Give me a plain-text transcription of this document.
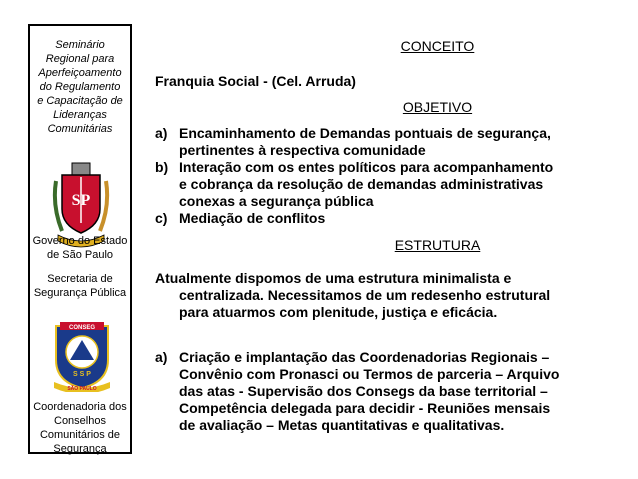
Seminário
Regional para
Aperfeiçoamento
do Regulamento
e Capacitação de
Lideranças
Comunitárias
SP
Governo do Estado
de São Paulo
Secretaria de
Segurança Pública
CONSEG
S S P
SÃO PAULO
Coordenadoria dos
Conselhos
Comunitários de
Segurança
CONCEITO
Franquia Social - (Cel. Arruda)
OBJETIVO
a) Encaminhamento de Demandas pontuais de segurança,
pertinentes à respectiva comunidade
b) Interação com os entes políticos para acompanhamento
e cobrança da resolução de demandas administrativas
conexas a segurança pública
c) Mediação de conflitos
ESTRUTURA
Atualmente dispomos de uma estrutura minimalista e
centralizada. Necessitamos de um redesenho estrutural
para atuarmos com plenitude, justiça e eficácia.
a) Criação e implantação das Coordenadorias Regionais –
Convênio com Pronasci ou Termos de parceria – Arquivo
das atas - Supervisão dos Consegs da base territorial –
Competência delegada para decidir - Reuniões mensais
de avaliação – Metas quantitativas e qualitativas.
